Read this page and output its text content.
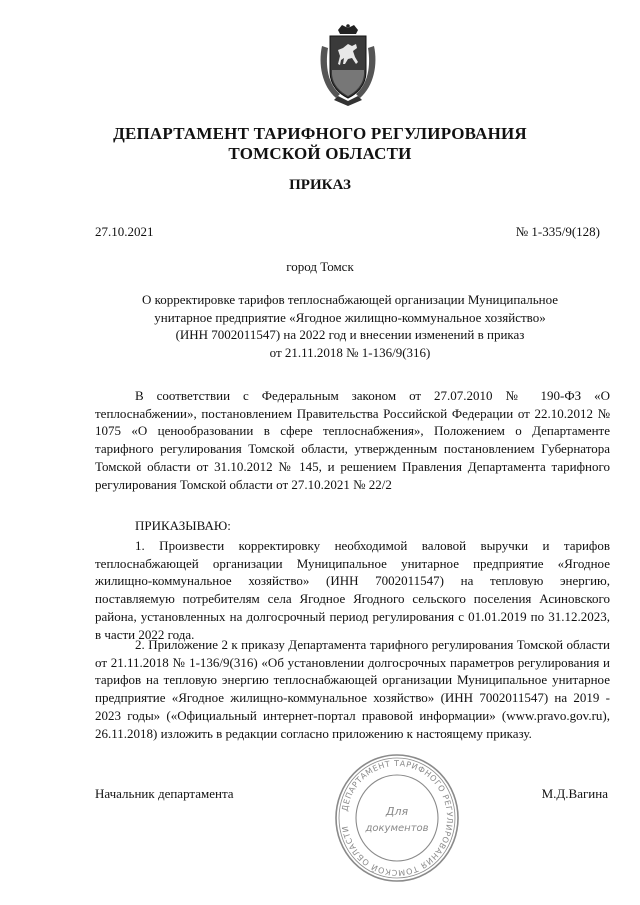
ДЕПАРТАМЕНТ ТАРИФНОГО РЕГУЛИРОВАНИЯ
ТОМСКОЙ ОБЛАСТИ
ПРИКАЗ
27.10.2021	№ 1-335/9(128)
город Томск
О корректировке тарифов теплоснабжающей организации Муниципальное
унитарное предприятие «Ягодное жилищно-коммунальное хозяйство»
(ИНН 7002011547) на 2022 год и внесении изменений в приказ
от 21.11.2018 № 1-136/9(316)
В соответствии с Федеральным законом от 27.07.2010 № 190-ФЗ «О теплоснабжении», постановлением Правительства Российской Федерации от 22.10.2012 № 1075 «О ценообразовании в сфере теплоснабжения», Положением о Департаменте тарифного регулирования Томской области, утвержденным постановлением Губернатора Томской области от 31.10.2012 № 145, и решением Правления Департамента тарифного регулирования Томской области от 27.10.2021 № 22/2
ПРИКАЗЫВАЮ:
1. Произвести корректировку необходимой валовой выручки и тарифов теплоснабжающей организации Муниципальное унитарное предприятие «Ягодное жилищно-коммунальное хозяйство» (ИНН 7002011547) на тепловую энергию, поставляемую потребителям села Ягодное Ягодного сельского поселения Асиновского района, установленных на долгосрочный период регулирования с 01.01.2019 по 31.12.2023, в части 2022 года.
2. Приложение 2 к приказу Департамента тарифного регулирования Томской области от 21.11.2018 № 1-136/9(316) «Об установлении долгосрочных параметров регулирования и тарифов на тепловую энергию теплоснабжающей организации Муниципальное унитарное предприятие «Ягодное жилищно-коммунальное хозяйство» (ИНН 7002011547) на 2019 - 2023 годы» («Официальный интернет-портал правовой информации» (www.pravo.gov.ru), 26.11.2018) изложить в редакции согласно приложению к настоящему приказу.
Начальник департамента	М.Д.Вагина
ДЕПАРТАМЕНТ ТАРИФНОГО РЕГУЛИРОВАНИЯ ТОМСКОЙ ОБЛАСТИ
Для
документов
